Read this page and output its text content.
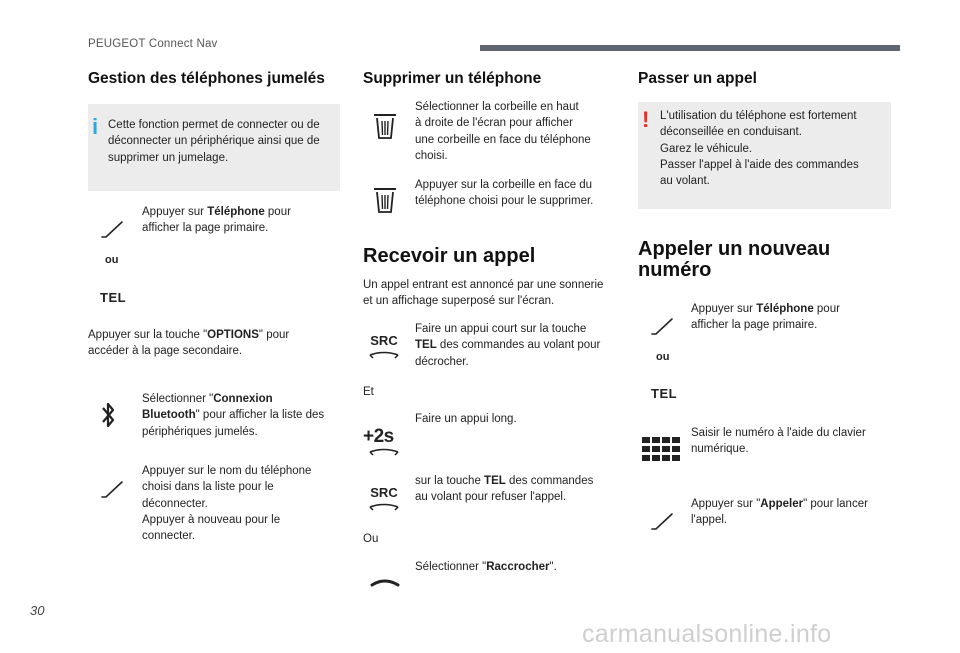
PEUGEOT Connect Nav
Gestion des téléphones jumelés
i Cette fonction permet de connecter ou de
déconnecter un périphérique ainsi que de
supprimer un jumelage.
Appuyer sur Téléphone pour
afficher la page primaire.
ou
TEL
Appuyer sur la touche "OPTIONS" pour
accéder à la page secondaire.
Sélectionner "Connexion
Bluetooth" pour afficher la liste des
périphériques jumelés.
Appuyer sur le nom du téléphone
choisi dans la liste pour le
déconnecter.
Appuyer à nouveau pour le
connecter.
Supprimer un téléphone
Sélectionner la corbeille en haut
à droite de l'écran pour afficher
une corbeille en face du téléphone
choisi.
Appuyer sur la corbeille en face du
téléphone choisi pour le supprimer.
Recevoir un appel
Un appel entrant est annoncé par une sonnerie
et un affichage superposé sur l'écran.
SRC
Faire un appui court sur la touche
TEL des commandes au volant pour
décrocher.
Et
Faire un appui long.
+2s
SRC
sur la touche TEL des commandes
au volant pour refuser l'appel.
Ou
Sélectionner "Raccrocher".
Passer un appel
! L'utilisation du téléphone est fortement
déconseillée en conduisant.
Garez le véhicule.
Passer l'appel à l'aide des commandes
au volant.
Appeler un nouveau
numéro
Appuyer sur Téléphone pour
afficher la page primaire.
ou
TEL
Saisir le numéro à l'aide du clavier
numérique.
Appuyer sur "Appeler" pour lancer
l'appel.
30
carmanualsonline.info
